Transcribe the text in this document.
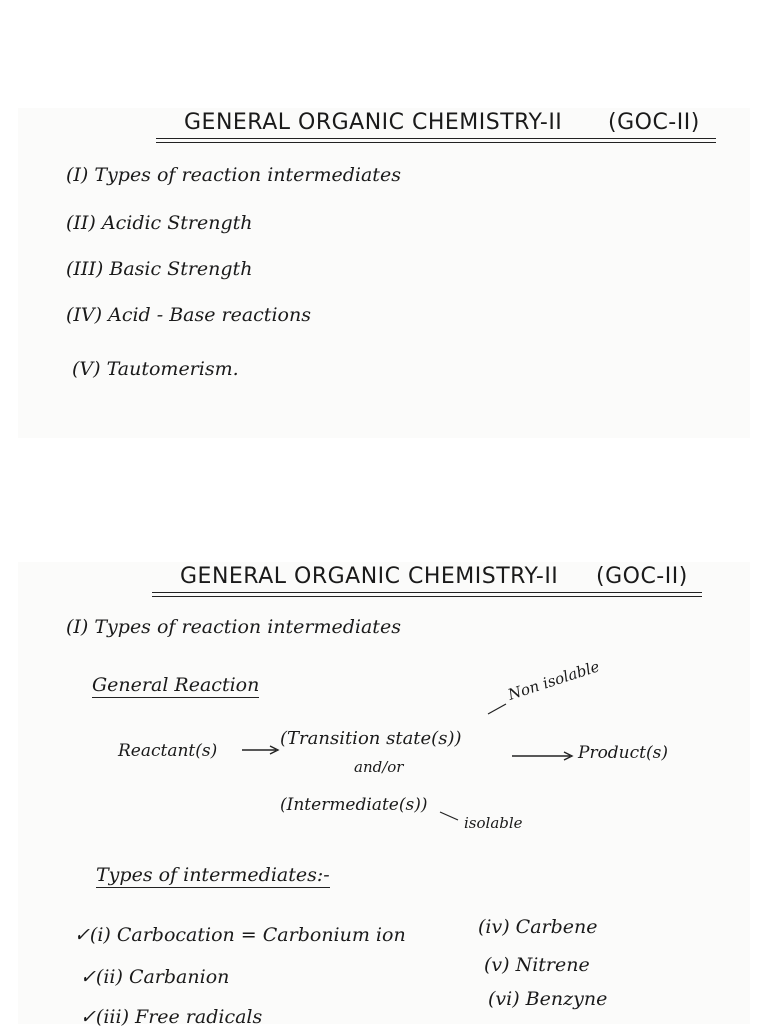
GENERAL ORGANIC CHEMISTRY-II (GOC-II)
(I) Types of reaction intermediates
(II) Acidic Strength
(III) Basic Strength
(IV) Acid - Base reactions
(V) Tautomerism.
GENERAL ORGANIC CHEMISTRY-II (GOC-II)
(I) Types of reaction intermediates
General Reaction
Reactant(s)
(Transition state(s))
and/or
(Intermediate(s))
Product(s)
Non isolable
isolable
Types of intermediates:-
✓(i) Carbocation = Carbonium ion
✓(ii) Carbanion
✓(iii) Free radicals
(iv) Carbene
(v) Nitrene
(vi) Benzyne
